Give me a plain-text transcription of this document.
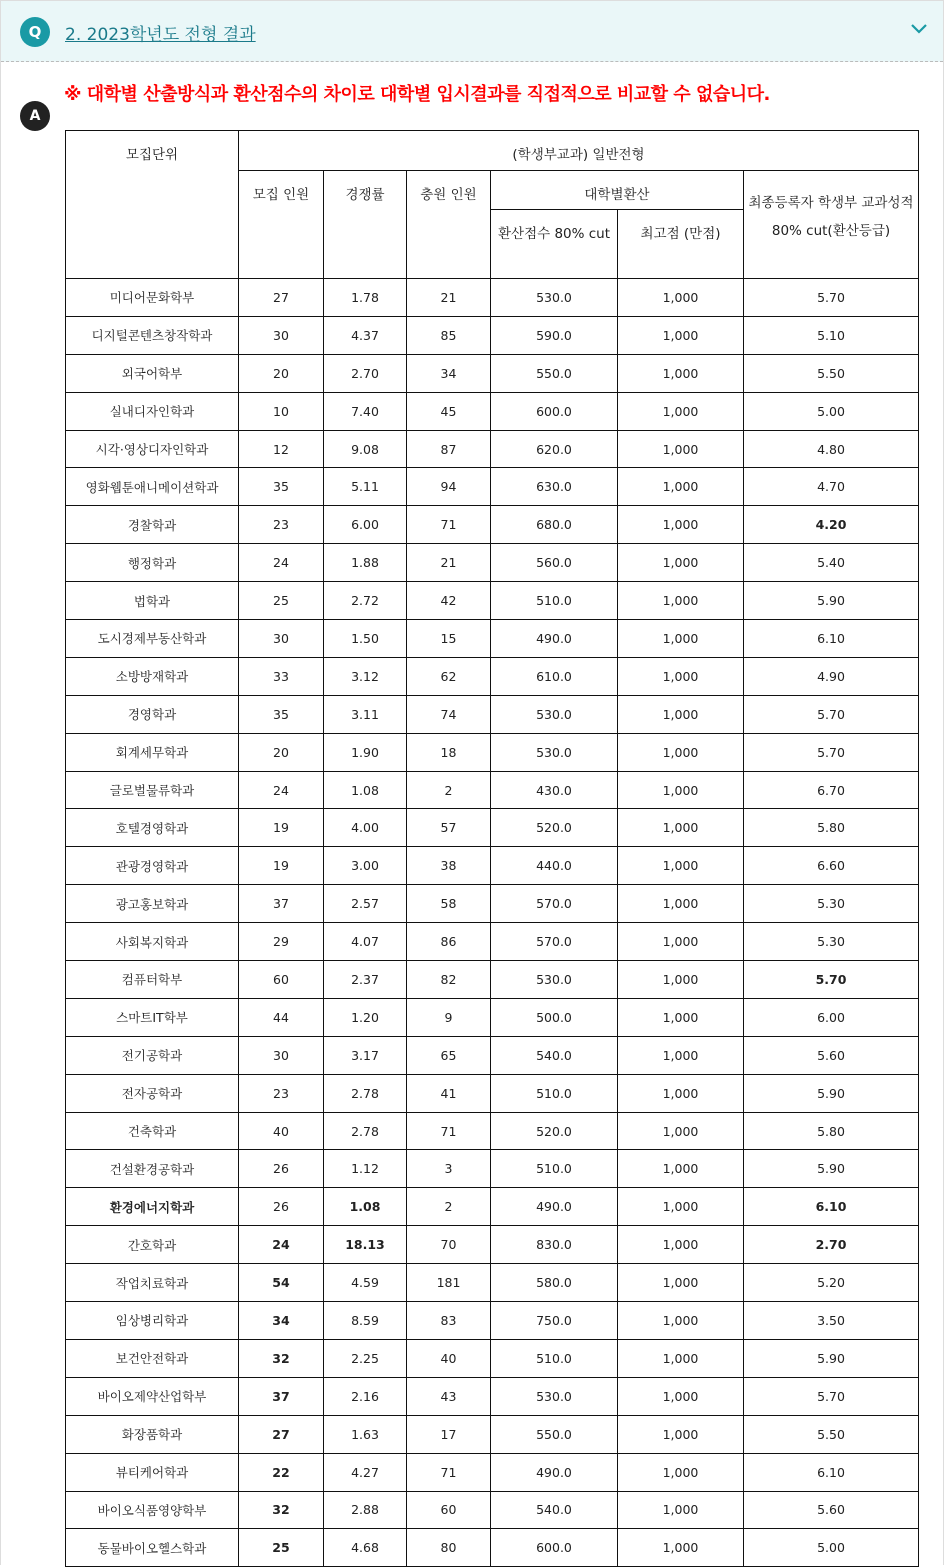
Q	2. 2023학년도 전형 결과
A
※ 대학별 산출방식과 환산점수의 차이로 대학별 입시결과를 직접적으로 비교할 수 없습니다.
모집단위	(학생부교과) 일반전형					
	모집 인원	경쟁률	충원 인원	대학별환산		최종등록자 학생부 교과성적 80% cut(환산등급)
				환산점수 80% cut	최고점 (만점)	
미디어문화학부	27	1.78	21	530.0	1,000	5.70
디지털콘텐츠창작학과	30	4.37	85	590.0	1,000	5.10
외국어학부	20	2.70	34	550.0	1,000	5.50
실내디자인학과	10	7.40	45	600.0	1,000	5.00
시각·영상디자인학과	12	9.08	87	620.0	1,000	4.80
영화웹툰애니메이션학과	35	5.11	94	630.0	1,000	4.70
경찰학과	23	6.00	71	680.0	1,000	4.20
행정학과	24	1.88	21	560.0	1,000	5.40
법학과	25	2.72	42	510.0	1,000	5.90
도시경제부동산학과	30	1.50	15	490.0	1,000	6.10
소방방재학과	33	3.12	62	610.0	1,000	4.90
경영학과	35	3.11	74	530.0	1,000	5.70
회계세무학과	20	1.90	18	530.0	1,000	5.70
글로벌물류학과	24	1.08	2	430.0	1,000	6.70
호텔경영학과	19	4.00	57	520.0	1,000	5.80
관광경영학과	19	3.00	38	440.0	1,000	6.60
광고홍보학과	37	2.57	58	570.0	1,000	5.30
사회복지학과	29	4.07	86	570.0	1,000	5.30
컴퓨터학부	60	2.37	82	530.0	1,000	5.70
스마트IT학부	44	1.20	9	500.0	1,000	6.00
전기공학과	30	3.17	65	540.0	1,000	5.60
전자공학과	23	2.78	41	510.0	1,000	5.90
건축학과	40	2.78	71	520.0	1,000	5.80
건설환경공학과	26	1.12	3	510.0	1,000	5.90
환경에너지학과	26	1.08	2	490.0	1,000	6.10
간호학과	24	18.13	70	830.0	1,000	2.70
작업치료학과	54	4.59	181	580.0	1,000	5.20
임상병리학과	34	8.59	83	750.0	1,000	3.50
보건안전학과	32	2.25	40	510.0	1,000	5.90
바이오제약산업학부	37	2.16	43	530.0	1,000	5.70
화장품학과	27	1.63	17	550.0	1,000	5.50
뷰티케어학과	22	4.27	71	490.0	1,000	6.10
바이오식품영양학부	32	2.88	60	540.0	1,000	5.60
동물바이오헬스학과	25	4.68	80	600.0	1,000	5.00
